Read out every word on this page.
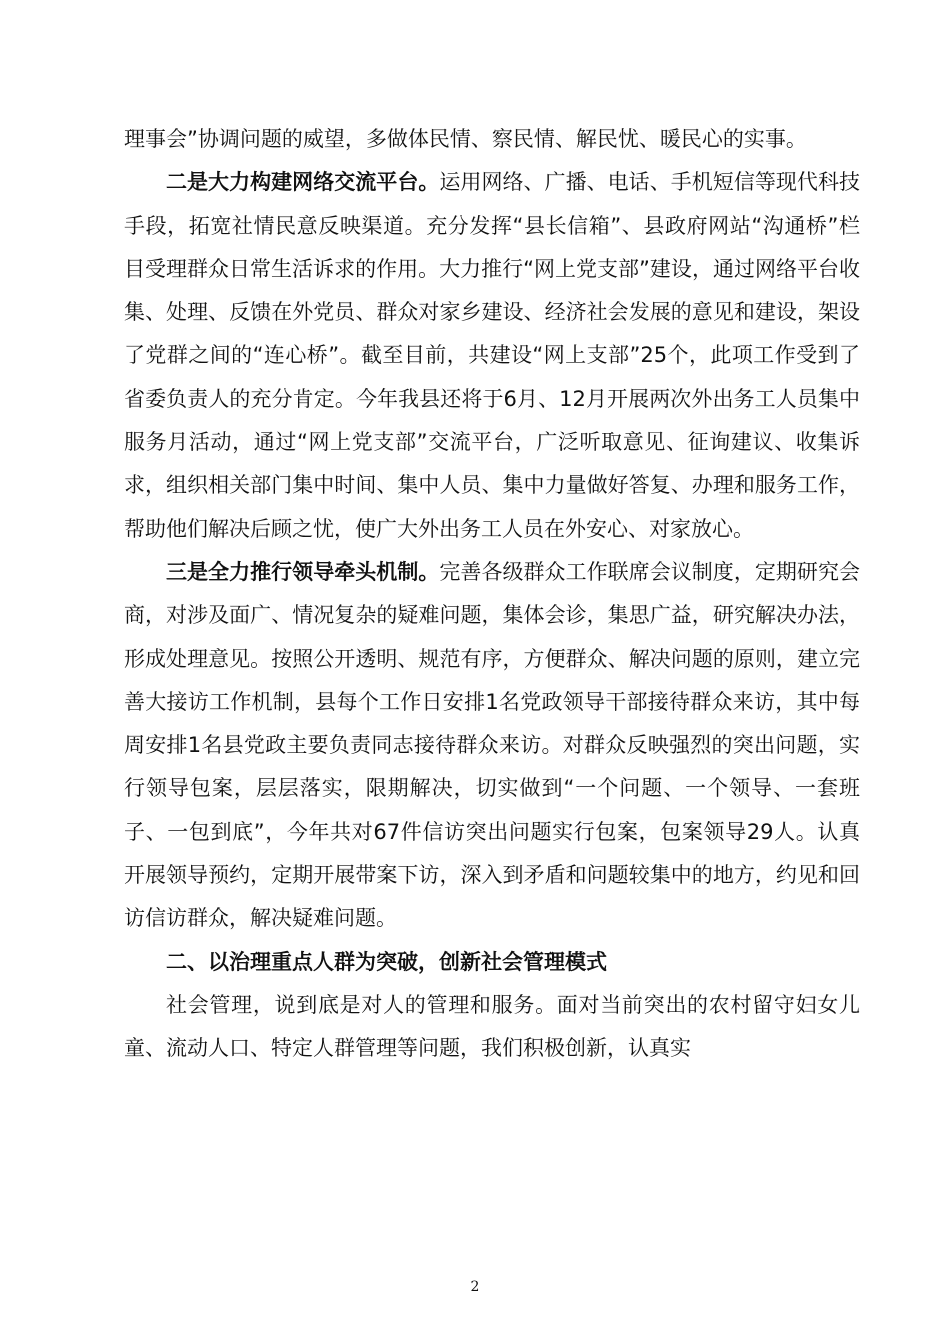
理事会”协调问题的威望，多做体民情、察民情、解民忧、暖民心的实事。

二是大力构建网络交流平台。运用网络、广播、电话、手机短信等现代科技手段，拓宽社情民意反映渠道。充分发挥“县长信箱”、县政府网站“沟通桥”栏目受理群众日常生活诉求的作用。大力推行“网上党支部”建设，通过网络平台收集、处理、反馈在外党员、群众对家乡建设、经济社会发展的意见和建设，架设了党群之间的“连心桥”。截至目前，共建设“网上支部”25个，此项工作受到了省委负责人的充分肯定。今年我县还将于6月、12月开展两次外出务工人员集中服务月活动，通过“网上党支部”交流平台，广泛听取意见、征询建议、收集诉求，组织相关部门集中时间、集中人员、集中力量做好答复、办理和服务工作，帮助他们解决后顾之忧，使广大外出务工人员在外安心、对家放心。

三是全力推行领导牵头机制。完善各级群众工作联席会议制度，定期研究会商，对涉及面广、情况复杂的疑难问题，集体会诊，集思广益，研究解决办法，形成处理意见。按照公开透明、规范有序，方便群众、解决问题的原则，建立完善大接访工作机制，县每个工作日安排1名党政领导干部接待群众来访，其中每周安排1名县党政主要负责同志接待群众来访。对群众反映强烈的突出问题，实行领导包案，层层落实，限期解决，切实做到“一个问题、一个领导、一套班子、一包到底”，今年共对67件信访突出问题实行包案，包案领导29人。认真开展领导预约，定期开展带案下访，深入到矛盾和问题较集中的地方，约见和回访信访群众，解决疑难问题。

二、以治理重点人群为突破，创新社会管理模式

社会管理，说到底是对人的管理和服务。面对当前突出的农村留守妇女儿童、流动人口、特定人群管理等问题，我们积极创新，认真实

2
